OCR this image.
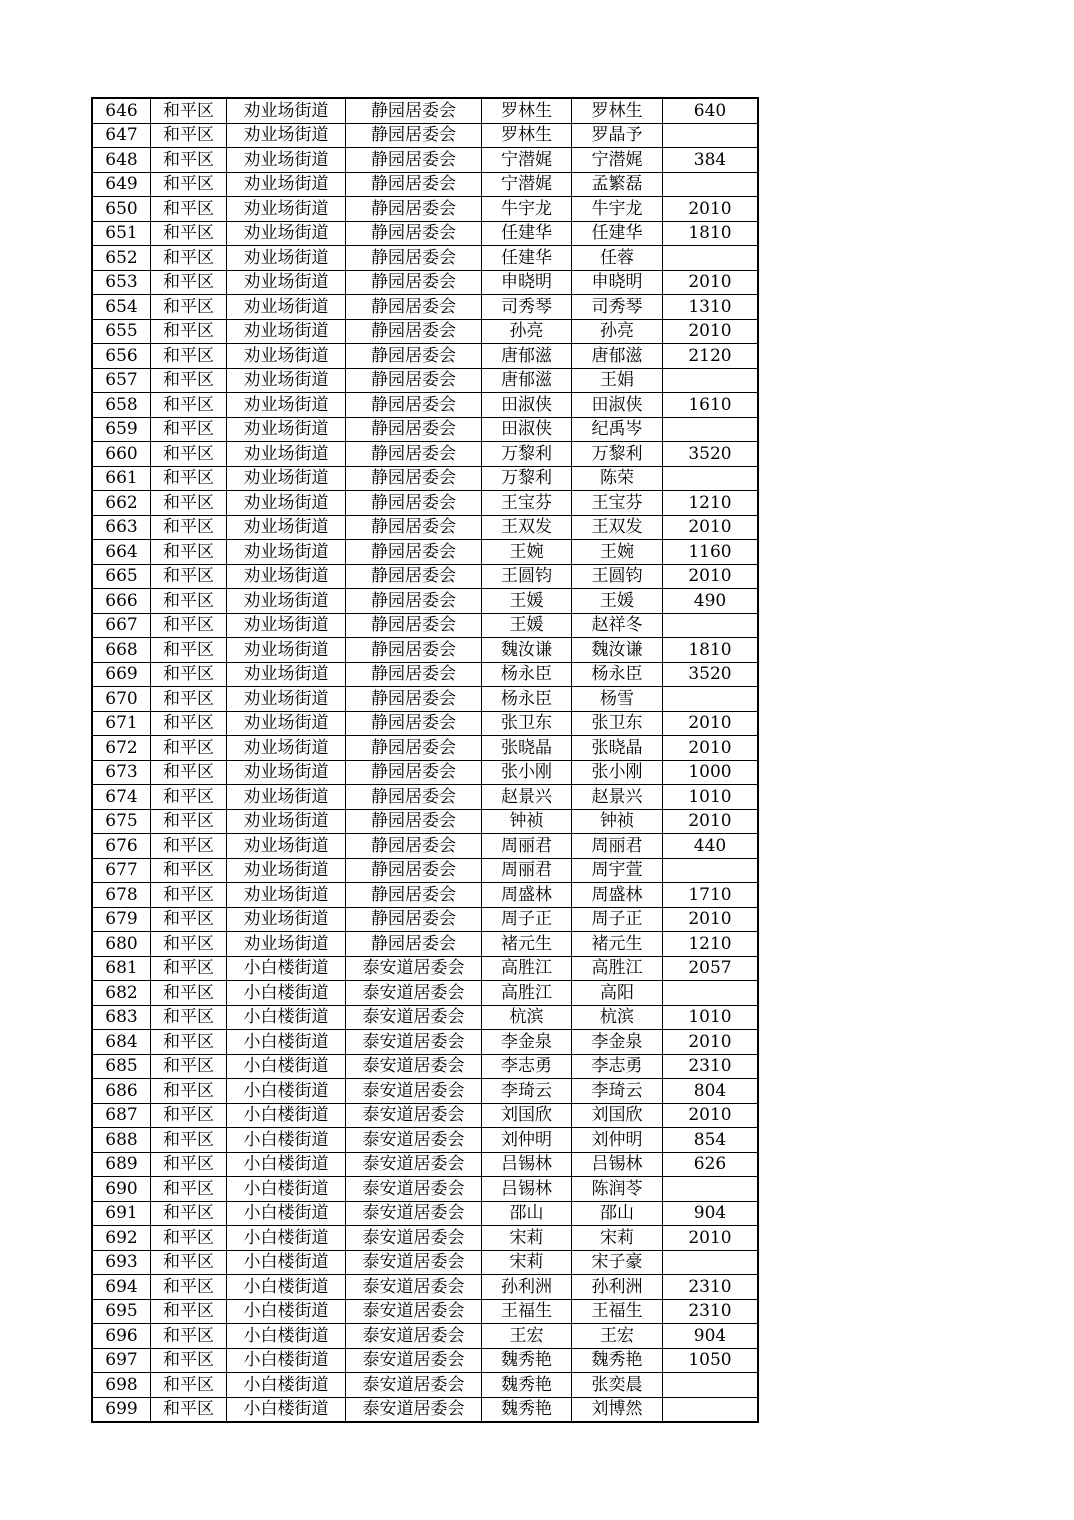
646	和平区	劝业场街道	静园居委会	罗林生	罗林生	640
647	和平区	劝业场街道	静园居委会	罗林生	罗晶予	
648	和平区	劝业场街道	静园居委会	宁潜娓	宁潜娓	384
649	和平区	劝业场街道	静园居委会	宁潜娓	孟繁磊	
650	和平区	劝业场街道	静园居委会	牛宇龙	牛宇龙	2010
651	和平区	劝业场街道	静园居委会	任建华	任建华	1810
652	和平区	劝业场街道	静园居委会	任建华	任蓉	
653	和平区	劝业场街道	静园居委会	申晓明	申晓明	2010
654	和平区	劝业场街道	静园居委会	司秀琴	司秀琴	1310
655	和平区	劝业场街道	静园居委会	孙亮	孙亮	2010
656	和平区	劝业场街道	静园居委会	唐郁滋	唐郁滋	2120
657	和平区	劝业场街道	静园居委会	唐郁滋	王娟	
658	和平区	劝业场街道	静园居委会	田淑侠	田淑侠	1610
659	和平区	劝业场街道	静园居委会	田淑侠	纪禹岑	
660	和平区	劝业场街道	静园居委会	万黎利	万黎利	3520
661	和平区	劝业场街道	静园居委会	万黎利	陈荣	
662	和平区	劝业场街道	静园居委会	王宝芬	王宝芬	1210
663	和平区	劝业场街道	静园居委会	王双发	王双发	2010
664	和平区	劝业场街道	静园居委会	王婉	王婉	1160
665	和平区	劝业场街道	静园居委会	王圆钧	王圆钧	2010
666	和平区	劝业场街道	静园居委会	王媛	王媛	490
667	和平区	劝业场街道	静园居委会	王媛	赵祥冬	
668	和平区	劝业场街道	静园居委会	魏汝谦	魏汝谦	1810
669	和平区	劝业场街道	静园居委会	杨永臣	杨永臣	3520
670	和平区	劝业场街道	静园居委会	杨永臣	杨雪	
671	和平区	劝业场街道	静园居委会	张卫东	张卫东	2010
672	和平区	劝业场街道	静园居委会	张晓晶	张晓晶	2010
673	和平区	劝业场街道	静园居委会	张小刚	张小刚	1000
674	和平区	劝业场街道	静园居委会	赵景兴	赵景兴	1010
675	和平区	劝业场街道	静园居委会	钟祯	钟祯	2010
676	和平区	劝业场街道	静园居委会	周丽君	周丽君	440
677	和平区	劝业场街道	静园居委会	周丽君	周宇萱	
678	和平区	劝业场街道	静园居委会	周盛林	周盛林	1710
679	和平区	劝业场街道	静园居委会	周子正	周子正	2010
680	和平区	劝业场街道	静园居委会	褚元生	褚元生	1210
681	和平区	小白楼街道	泰安道居委会	高胜江	高胜江	2057
682	和平区	小白楼街道	泰安道居委会	高胜江	高阳	
683	和平区	小白楼街道	泰安道居委会	杭滨	杭滨	1010
684	和平区	小白楼街道	泰安道居委会	李金泉	李金泉	2010
685	和平区	小白楼街道	泰安道居委会	李志勇	李志勇	2310
686	和平区	小白楼街道	泰安道居委会	李琦云	李琦云	804
687	和平区	小白楼街道	泰安道居委会	刘国欣	刘国欣	2010
688	和平区	小白楼街道	泰安道居委会	刘仲明	刘仲明	854
689	和平区	小白楼街道	泰安道居委会	吕锡林	吕锡林	626
690	和平区	小白楼街道	泰安道居委会	吕锡林	陈润苓	
691	和平区	小白楼街道	泰安道居委会	邵山	邵山	904
692	和平区	小白楼街道	泰安道居委会	宋莉	宋莉	2010
693	和平区	小白楼街道	泰安道居委会	宋莉	宋子豪	
694	和平区	小白楼街道	泰安道居委会	孙利洲	孙利洲	2310
695	和平区	小白楼街道	泰安道居委会	王福生	王福生	2310
696	和平区	小白楼街道	泰安道居委会	王宏	王宏	904
697	和平区	小白楼街道	泰安道居委会	魏秀艳	魏秀艳	1050
698	和平区	小白楼街道	泰安道居委会	魏秀艳	张奕晨	
699	和平区	小白楼街道	泰安道居委会	魏秀艳	刘博然	
